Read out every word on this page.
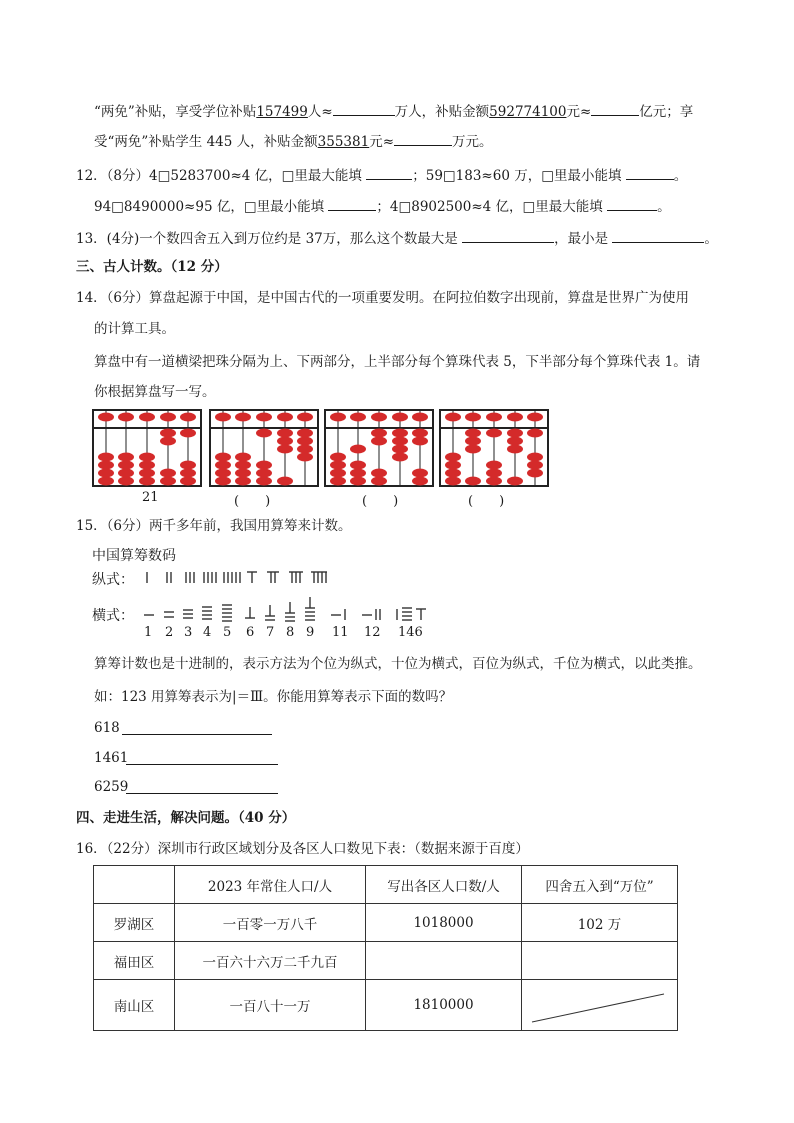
“两免”补贴，享受学位补贴157499人≈	万人，补贴金额592774100元≈	亿元；享
受“两免”补贴学生 445 人，补贴金额355381元≈	万元。
12．（8分）4□5283700≈4 亿，□里最大能填	；59□183≈60 万，□里最小能填	。
94□8490000≈95 亿，□里最小能填	；4□8902500≈4 亿，□里最大能填	。
13．(4分)一个数四舍五入到万位约是 37万，那么这个数最大是	，最小是	。
三、古人计数。（12 分）
14．（6分）算盘起源于中国，是中国古代的一项重要发明。在阿拉伯数字出现前，算盘是世界广为使用
的计算工具。
算盘中有一道横梁把珠分隔为上、下两部分，上半部分每个算珠代表 5，下半部分每个算珠代表 1。请
你根据算盘写一写。
21	(　　)	(　　)	(　　)
15．（6分）两千多年前，我国用算筹来计数。
中国算筹数码
纵式：
横式：
1 2 3 4 5 6 7 8 9 11 12 146
算筹计数也是十进制的，表示方法为个位为纵式，十位为横式，百位为纵式，千位为横式，以此类推。
如：123 用算筹表示为|＝Ⅲ。你能用算筹表示下面的数吗？
618
1461
6259
四、走进生活，解决问题。（40 分）
16．（22分）深圳市行政区域划分及各区人口数见下表：（数据来源于百度）
	2023 年常住人口/人	写出各区人口数/人	四舍五入到“万位”
罗湖区	一百零一万八千	1018000	102 万
福田区	一百六十六万二千九百		
南山区	一百八十一万	1810000	
